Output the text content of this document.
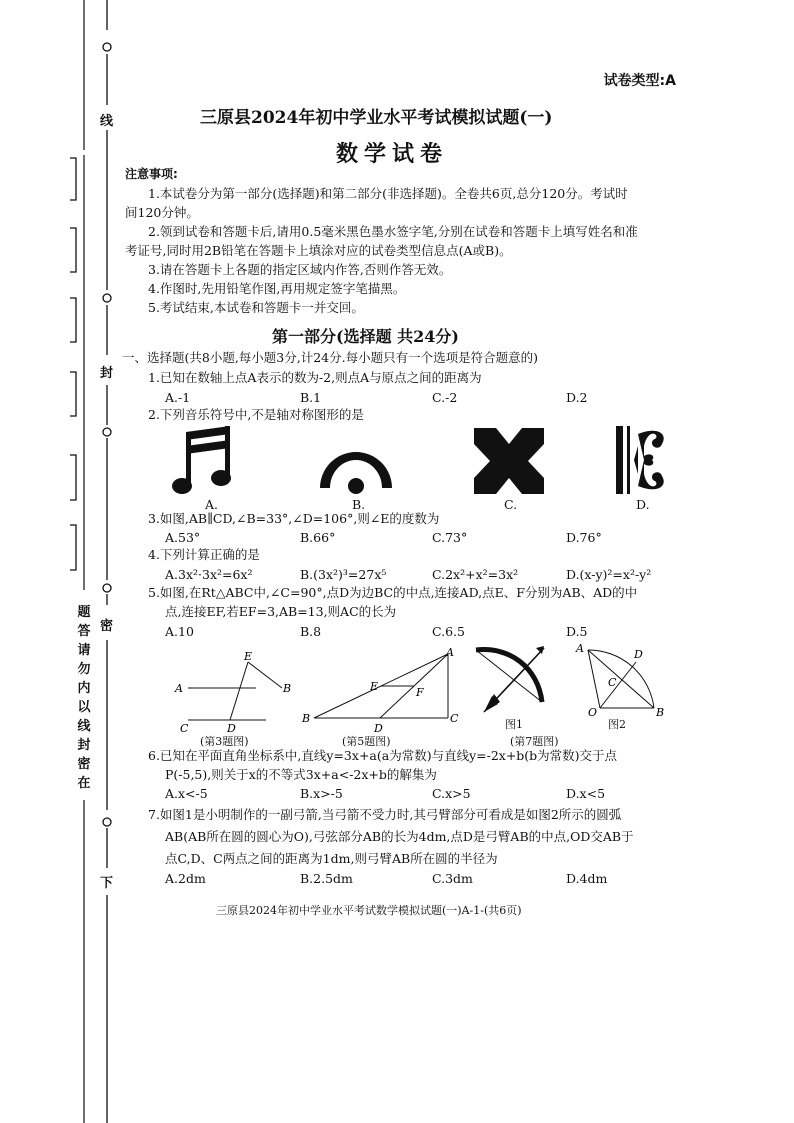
线
封
密
下
题
答
请
勿
内
以
线
封
密
在
试卷类型:A
三原县2024年初中学业水平考试模拟试题(一)
数学试卷
注意事项:
1.本试卷分为第一部分(选择题)和第二部分(非选择题)。全卷共6页,总分120分。考试时
间120分钟。
2.领到试卷和答题卡后,请用0.5毫米黑色墨水签字笔,分别在试卷和答题卡上填写姓名和准
考证号,同时用2B铅笔在答题卡上填涂对应的试卷类型信息点(A或B)。
3.请在答题卡上各题的指定区域内作答,否则作答无效。
4.作图时,先用铅笔作图,再用规定签字笔描黑。
5.考试结束,本试卷和答题卡一并交回。
第一部分(选择题 共24分)
一、选择题(共8小题,每小题3分,计24分.每小题只有一个选项是符合题意的)
1.已知在数轴上点A表示的数为-2,则点A与原点之间的距离为
A.-1	B.1	C.-2	D.2
2.下列音乐符号中,不是轴对称图形的是
A.	B.	C.	D.
3.如图,AB∥CD,∠B=33°,∠D=106°,则∠E的度数为
A.53°	B.66°	C.73°	D.76°
4.下列计算正确的是
A.3x²·3x²=6x²	B.(3x²)³=27x⁵	C.2x²+x²=3x²	D.(x-y)²=x²-y²
5.如图,在Rt△ABC中,∠C=90°,点D为边BC的中点,连接AD,点E、F分别为AB、AD的中
点,连接EF,若EF=3,AB=13,则AC的长为
A.10	B.8	C.6.5	D.5
A	B
C	D
E
(第3题图)
B	C
A
D
E	F
(第5题图)
图1
A
B
C
D
O
图2
(第7题图)
6.已知在平面直角坐标系中,直线y=3x+a(a为常数)与直线y=-2x+b(b为常数)交于点
P(-5,5),则关于x的不等式3x+a<-2x+b的解集为
A.x<-5	B.x>-5	C.x>5	D.x<5
7.如图1是小明制作的一副弓箭,当弓箭不受力时,其弓臂部分可看成是如图2所示的圆弧
AB(AB所在圆的圆心为O),弓弦部分AB的长为4dm,点D是弓臂AB的中点,OD交AB于
点C,D、C两点之间的距离为1dm,则弓臂AB所在圆的半径为
A.2dm	B.2.5dm	C.3dm	D.4dm
三原县2024年初中学业水平考试数学模拟试题(一)A-1-(共6页)
